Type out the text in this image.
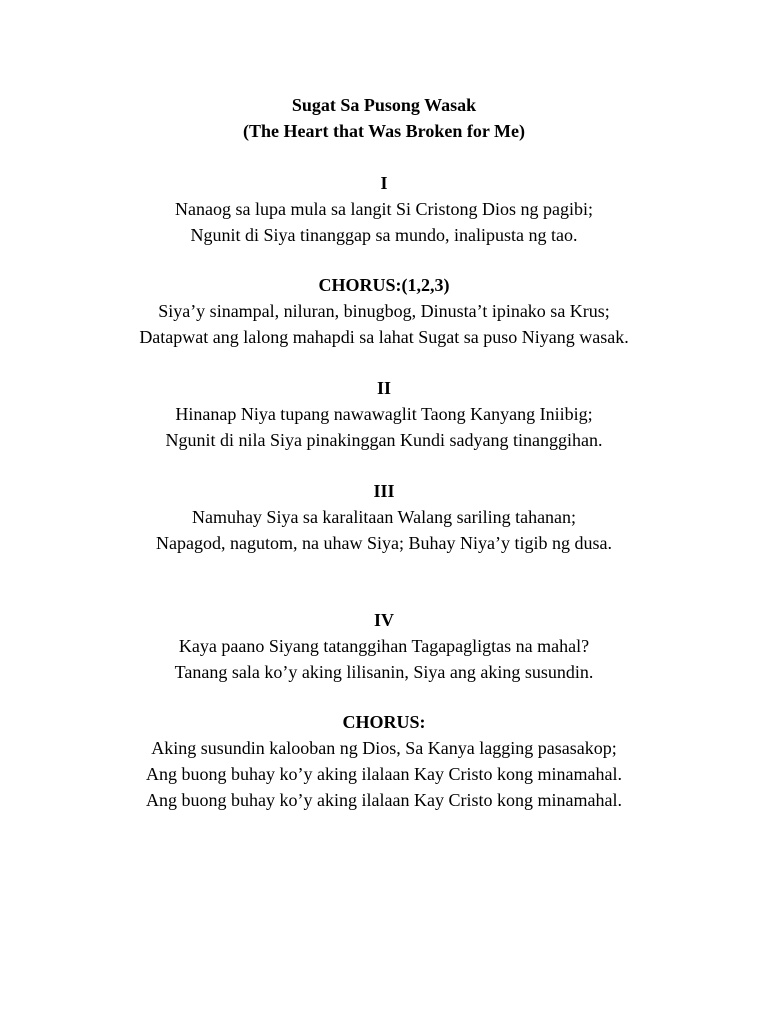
Sugat Sa Pusong Wasak
(The Heart that Was Broken for Me)
I
Nanaog sa lupa mula sa langit Si Cristong Dios ng pagibi;
Ngunit di Siya tinanggap sa mundo, inalipusta ng tao.
CHORUS:(1,2,3)
Siya’y sinampal, niluran, binugbog, Dinusta’t ipinako sa Krus;
Datapwat ang lalong mahapdi sa lahat Sugat sa puso Niyang wasak.
II
Hinanap Niya tupang nawawaglit Taong Kanyang Iniibig;
Ngunit di nila Siya pinakinggan Kundi sadyang tinanggihan.
III
Namuhay Siya sa karalitaan Walang sariling tahanan;
Napagod, nagutom, na uhaw Siya; Buhay Niya’y tigib ng dusa.
IV
Kaya paano Siyang tatanggihan Tagapagligtas na mahal?
Tanang sala ko’y aking lilisanin, Siya ang aking susundin.
CHORUS:
Aking susundin kalooban ng Dios, Sa Kanya lagging pasasakop;
Ang buong buhay ko’y aking ilalaan Kay Cristo kong minamahal.
Ang buong buhay ko’y aking ilalaan Kay Cristo kong minamahal.
